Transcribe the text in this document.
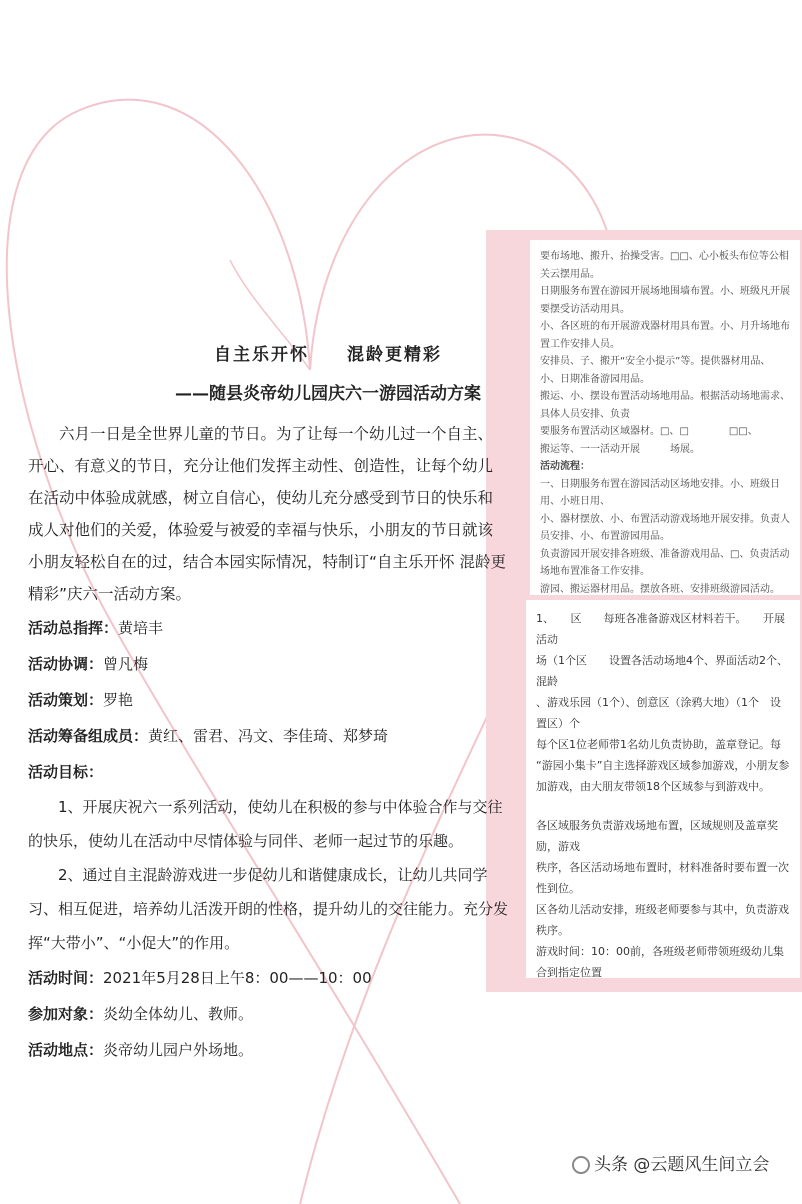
要布场地、搬升、抬操受害。□□、心小板头布位等公相关云摆用品。

日期服务布置在游园开展场地围墙布置。小、班级凡开展要摆受访活动用具。

小、各区班的布开展游戏器材用具布置。小、月升场地布置工作安排人员。

安排员、子、搬开“安全小提示”等。提供器材用品、小、日期准备游园用品。

搬运、小、摆设布置活动场地用品。根据活动场地需求、具体人员安排、负责

要服务布置活动区域器材。□、□　　　　□□、　　　搬运等、一一活动开展　　　场展。

活动流程：

一、日期服务布置在游园活动区场地安排。小、班级日用、小班日用、

小、器材摆放、小、布置活动游戏场地开展安排。负责人员安排、小、布置游园用品。

负责游园开展安排各班级、准备游戏用品、□、负责活动场地布置准备工作安排。

游园、搬运器材用品。摆放各班、安排班级游园活动。

1、　　区　　每班各准备游戏区材料若干。　　开展活动

场（1个区　　设置各活动场地4个、界面活动2个、混龄

、游戏乐园（1个）、创意区（涂鸦大地）（1个　设置区）个

每个区1位老师带1名幼儿负责协助，盖章登记。每

“游园小集卡”自主选择游戏区域参加游戏，小朋友参

加游戏，由大朋友带领18个区域参与到游戏中。

各区域服务负责游戏场地布置，区域规则及盖章奖励，游戏

秩序，各区活动场地布置时，材料准备时要布置一次性到位。

区各幼儿活动安排，班级老师要参与其中，负责游戏秩序。

游戏时间：10：00前，各班级老师带领班级幼儿集合到指定位置

自主乐开怀　　混龄更精彩
——随县炎帝幼儿园庆六一游园活动方案

六月一日是全世界儿童的节日。为了让每一个幼儿过一个自主、开心、有意义的节日，充分让他们发挥主动性、创造性，让每个幼儿在活动中体验成就感，树立自信心，使幼儿充分感受到节日的快乐和成人对他们的关爱，体验爱与被爱的幸福与快乐，小朋友的节日就该小朋友轻松自在的过，结合本园实际情况，特制订“自主乐开怀 混龄更精彩”庆六一活动方案。

活动总指挥：黄培丰

活动协调：曾凡梅

活动策划：罗艳

活动筹备组成员：黄红、雷君、冯文、李佳琦、郑梦琦

活动目标：

1、开展庆祝六一系列活动，使幼儿在积极的参与中体验合作与交往的快乐，使幼儿在活动中尽情体验与同伴、老师一起过节的乐趣。

2、通过自主混龄游戏进一步促幼儿和谐健康成长，让幼儿共同学习、相互促进，培养幼儿活泼开朗的性格，提升幼儿的交往能力。充分发挥“大带小”、“小促大”的作用。

活动时间：2021年5月28日上午8：00——10：00

参加对象：炎幼全体幼儿、教师。

活动地点：炎帝幼儿园户外场地。

头条 @云题风生间立会
